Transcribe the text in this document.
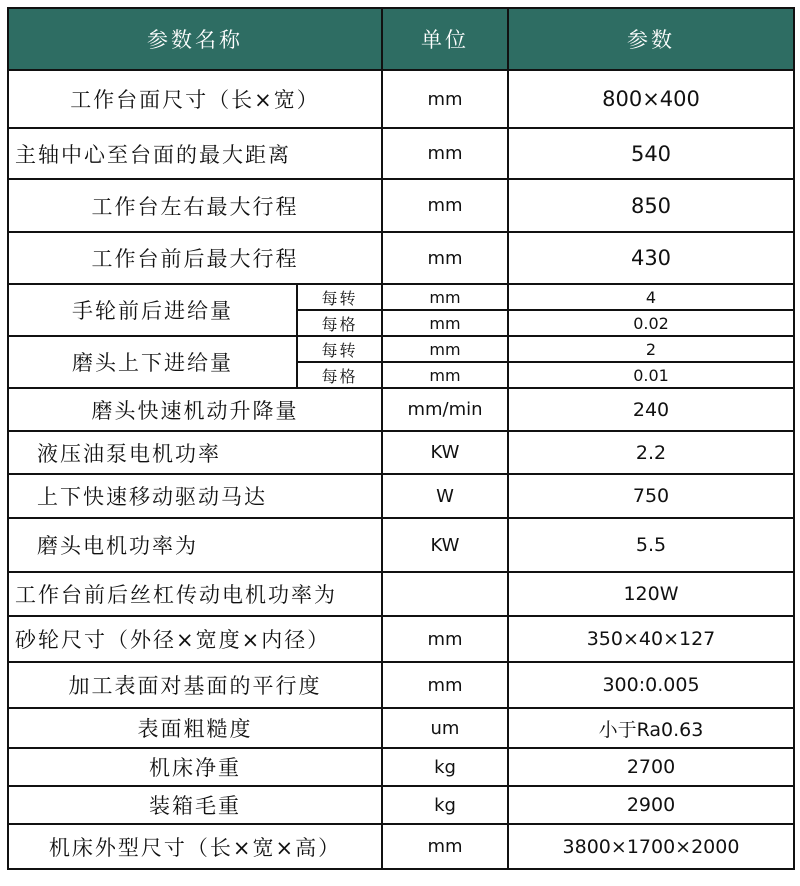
参数名称		单位	参数
工作台面尺寸（长×宽）		mm	800×400
主轴中心至台面的最大距离		mm	540
工作台左右最大行程		mm	850
工作台前后最大行程		mm	430
手轮前后进给量	每转	mm	4
	每格	mm	0.02
磨头上下进给量	每转	mm	2
	每格	mm	0.01
磨头快速机动升降量		mm/min	240
液压油泵电机功率		KW	2.2
上下快速移动驱动马达		W	750
磨头电机功率为		KW	5.5
工作台前后丝杠传动电机功率为			120W
砂轮尺寸（外径×宽度×内径）		mm	350×40×127
加工表面对基面的平行度		mm	300:0.005
表面粗糙度		um	小于Ra0.63
机床净重		kg	2700
装箱毛重		kg	2900
机床外型尺寸（长×宽×高）		mm	3800×1700×2000
